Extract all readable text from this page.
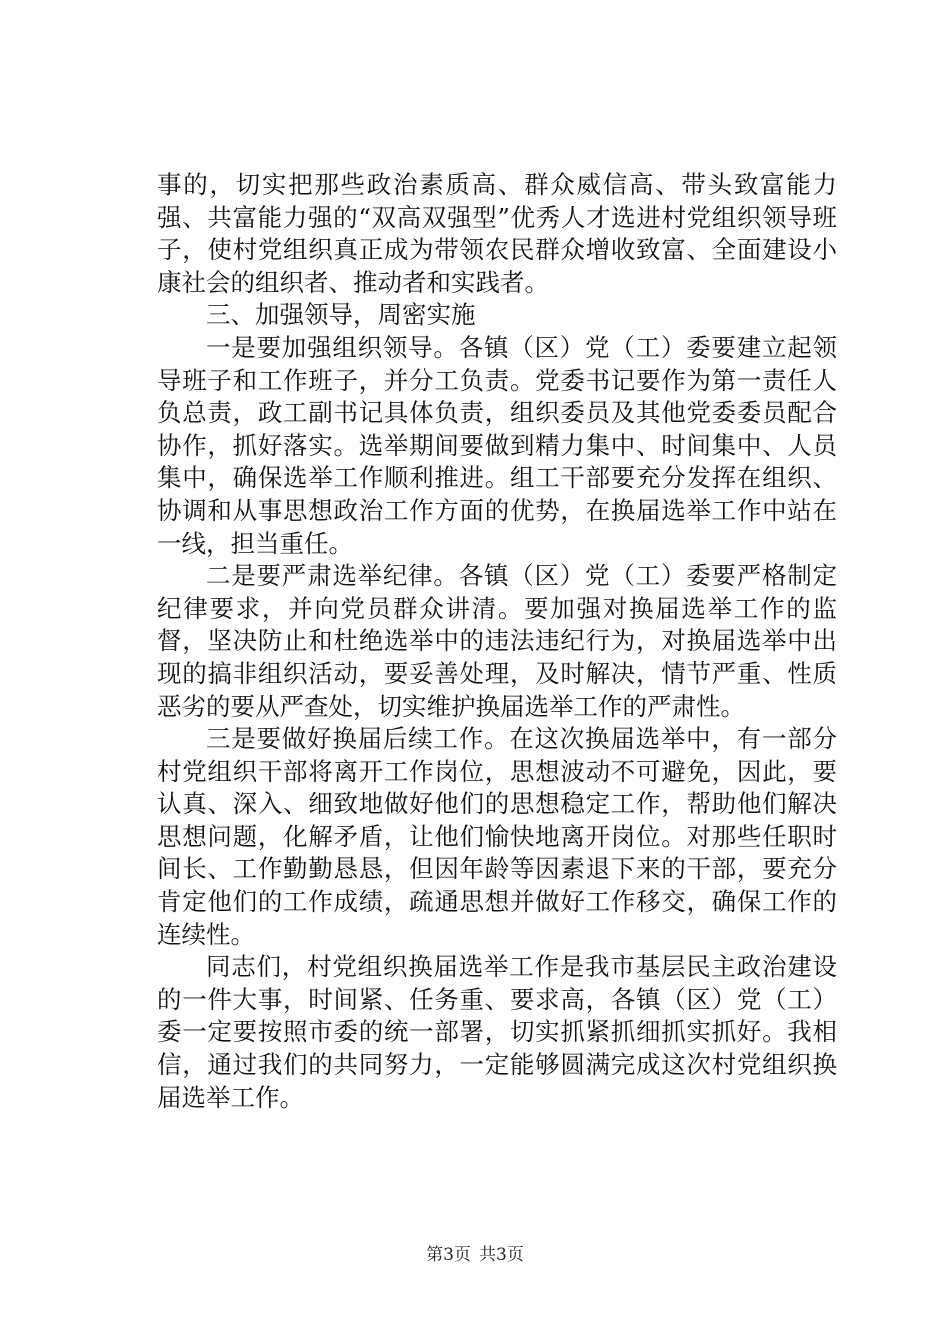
事的，切实把那些政治素质高、群众威信高、带头致富能力强、共富能力强的“双高双强型”优秀人才选进村党组织领导班子，使村党组织真正成为带领农民群众增收致富、全面建设小康社会的组织者、推动者和实践者。

三、加强领导，周密实施

一是要加强组织领导。各镇（区）党（工）委要建立起领导班子和工作班子，并分工负责。党委书记要作为第一责任人负总责，政工副书记具体负责，组织委员及其他党委委员配合协作，抓好落实。选举期间要做到精力集中、时间集中、人员集中，确保选举工作顺利推进。组工干部要充分发挥在组织、协调和从事思想政治工作方面的优势，在换届选举工作中站在一线，担当重任。

二是要严肃选举纪律。各镇（区）党（工）委要严格制定纪律要求，并向党员群众讲清。要加强对换届选举工作的监督，坚决防止和杜绝选举中的违法违纪行为，对换届选举中出现的搞非组织活动，要妥善处理，及时解决，情节严重、性质恶劣的要从严查处，切实维护换届选举工作的严肃性。

三是要做好换届后续工作。在这次换届选举中，有一部分村党组织干部将离开工作岗位，思想波动不可避免，因此，要认真、深入、细致地做好他们的思想稳定工作，帮助他们解决思想问题，化解矛盾，让他们愉快地离开岗位。对那些任职时间长、工作勤勤恳恳，但因年龄等因素退下来的干部，要充分肯定他们的工作成绩，疏通思想并做好工作移交，确保工作的连续性。

同志们，村党组织换届选举工作是我市基层民主政治建设的一件大事，时间紧、任务重、要求高，各镇（区）党（工）委一定要按照市委的统一部署，切实抓紧抓细抓实抓好。我相信，通过我们的共同努力，一定能够圆满完成这次村党组织换届选举工作。

第3页 共3页
